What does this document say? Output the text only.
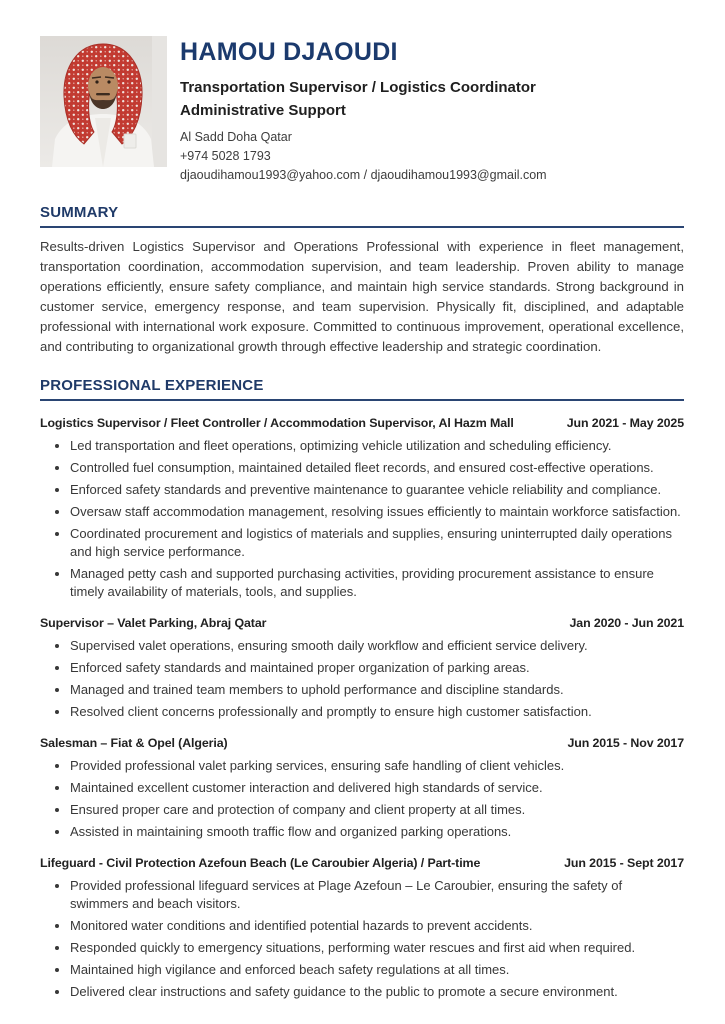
HAMOU DJAOUDI
Transportation Supervisor / Logistics Coordinator
Administrative Support
Al Sadd Doha Qatar
+974 5028 1793
djaoudihamou1993@yahoo.com / djaoudihamou1993@gmail.com
SUMMARY

Results-driven Logistics Supervisor and Operations Professional with experience in fleet management, transportation coordination, accommodation supervision, and team leadership. Proven ability to manage operations efficiently, ensure safety compliance, and maintain high service standards. Strong background in customer service, emergency response, and team supervision. Physically fit, disciplined, and adaptable professional with international work exposure. Committed to continuous improvement, operational excellence, and contributing to organizational growth through effective leadership and strategic coordination.

PROFESSIONAL EXPERIENCE
Logistics Supervisor / Fleet Controller / Accommodation Supervisor, Al Hazm Mall	Jun 2021 - May 2025
• Led transportation and fleet operations, optimizing vehicle utilization and scheduling efficiency.
• Controlled fuel consumption, maintained detailed fleet records, and ensured cost-effective operations.
• Enforced safety standards and preventive maintenance to guarantee vehicle reliability and compliance.
• Oversaw staff accommodation management, resolving issues efficiently to maintain workforce satisfaction.
• Coordinated procurement and logistics of materials and supplies, ensuring uninterrupted daily operations and high service performance.
• Managed petty cash and supported purchasing activities, providing procurement assistance to ensure timely availability of materials, tools, and supplies.
Supervisor – Valet Parking, Abraj Qatar	Jan 2020 - Jun 2021
• Supervised valet operations, ensuring smooth daily workflow and efficient service delivery.
• Enforced safety standards and maintained proper organization of parking areas.
• Managed and trained team members to uphold performance and discipline standards.
• Resolved client concerns professionally and promptly to ensure high customer satisfaction.
Salesman – Fiat & Opel (Algeria)	Jun 2015 - Nov 2017
• Provided professional valet parking services, ensuring safe handling of client vehicles.
• Maintained excellent customer interaction and delivered high standards of service.
• Ensured proper care and protection of company and client property at all times.
• Assisted in maintaining smooth traffic flow and organized parking operations.
Lifeguard - Civil Protection Azefoun Beach (Le Caroubier Algeria) / Part-time	Jun 2015 - Sept 2017
• Provided professional lifeguard services at Plage Azefoun – Le Caroubier, ensuring the safety of swimmers and beach visitors.
• Monitored water conditions and identified potential hazards to prevent accidents.
• Responded quickly to emergency situations, performing water rescues and first aid when required.
• Maintained high vigilance and enforced beach safety regulations at all times.
• Delivered clear instructions and safety guidance to the public to promote a secure environment.
